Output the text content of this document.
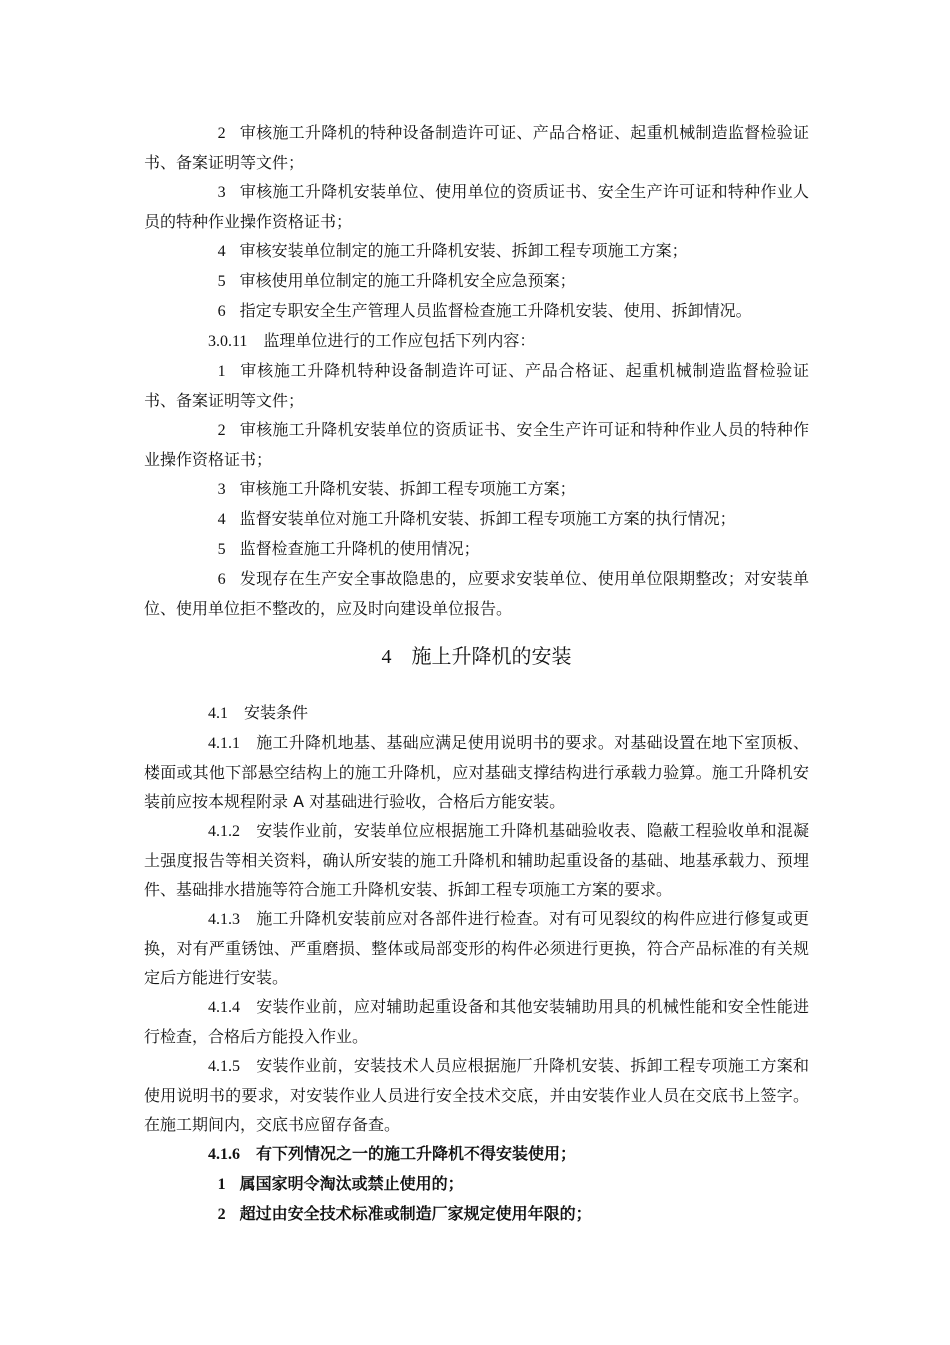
2 审核施工升降机的特种设备制造许可证、产品合格证、起重机械制造监督检验证书、备案证明等文件；

3 审核施工升降机安装单位、使用单位的资质证书、安全生产许可证和特种作业人员的特种作业操作资格证书；

4 审核安装单位制定的施工升降机安装、拆卸工程专项施工方案；

5 审核使用单位制定的施工升降机安全应急预案；

6 指定专职安全生产管理人员监督检查施工升降机安装、使用、拆卸情况。

3.0.11 监理单位进行的工作应包括下列内容：

1 审核施工升降机特种设备制造许可证、产品合格证、起重机械制造监督检验证书、备案证明等文件；

2 审核施工升降机安装单位的资质证书、安全生产许可证和特种作业人员的特种作业操作资格证书；

3 审核施工升降机安装、拆卸工程专项施工方案；

4 监督安装单位对施工升降机安装、拆卸工程专项施工方案的执行情况；

5 监督检查施工升降机的使用情况；

6 发现存在生产安全事故隐患的，应要求安装单位、使用单位限期整改；对安装单位、使用单位拒不整改的，应及时向建设单位报告。

4 施上升降机的安装

4.1 安装条件

4.1.1 施工升降机地基、基础应满足使用说明书的要求。对基础设置在地下室顶板、楼面或其他下部悬空结构上的施工升降机，应对基础支撑结构进行承载力验算。施工升降机安装前应按本规程附录 A 对基础进行验收，合格后方能安装。

4.1.2 安装作业前，安装单位应根据施工升降机基础验收表、隐蔽工程验收单和混凝土强度报告等相关资料，确认所安装的施工升降机和辅助起重设备的基础、地基承载力、预埋件、基础排水措施等符合施工升降机安装、拆卸工程专项施工方案的要求。

4.1.3 施工升降机安装前应对各部件进行检查。对有可见裂纹的构件应进行修复或更换，对有严重锈蚀、严重磨损、整体或局部变形的构件必须进行更换，符合产品标准的有关规定后方能进行安装。

4.1.4 安装作业前，应对辅助起重设备和其他安装辅助用具的机械性能和安全性能进行检查，合格后方能投入作业。

4.1.5 安装作业前，安装技术人员应根据施厂升降机安装、拆卸工程专项施工方案和使用说明书的要求，对安装作业人员进行安全技术交底，并由安装作业人员在交底书上签字。在施工期间内，交底书应留存备查。

4.1.6 有下列情况之一的施工升降机不得安装使用；

1 属国家明令淘汰或禁止使用的；

2 超过由安全技术标准或制造厂家规定使用年限的；
